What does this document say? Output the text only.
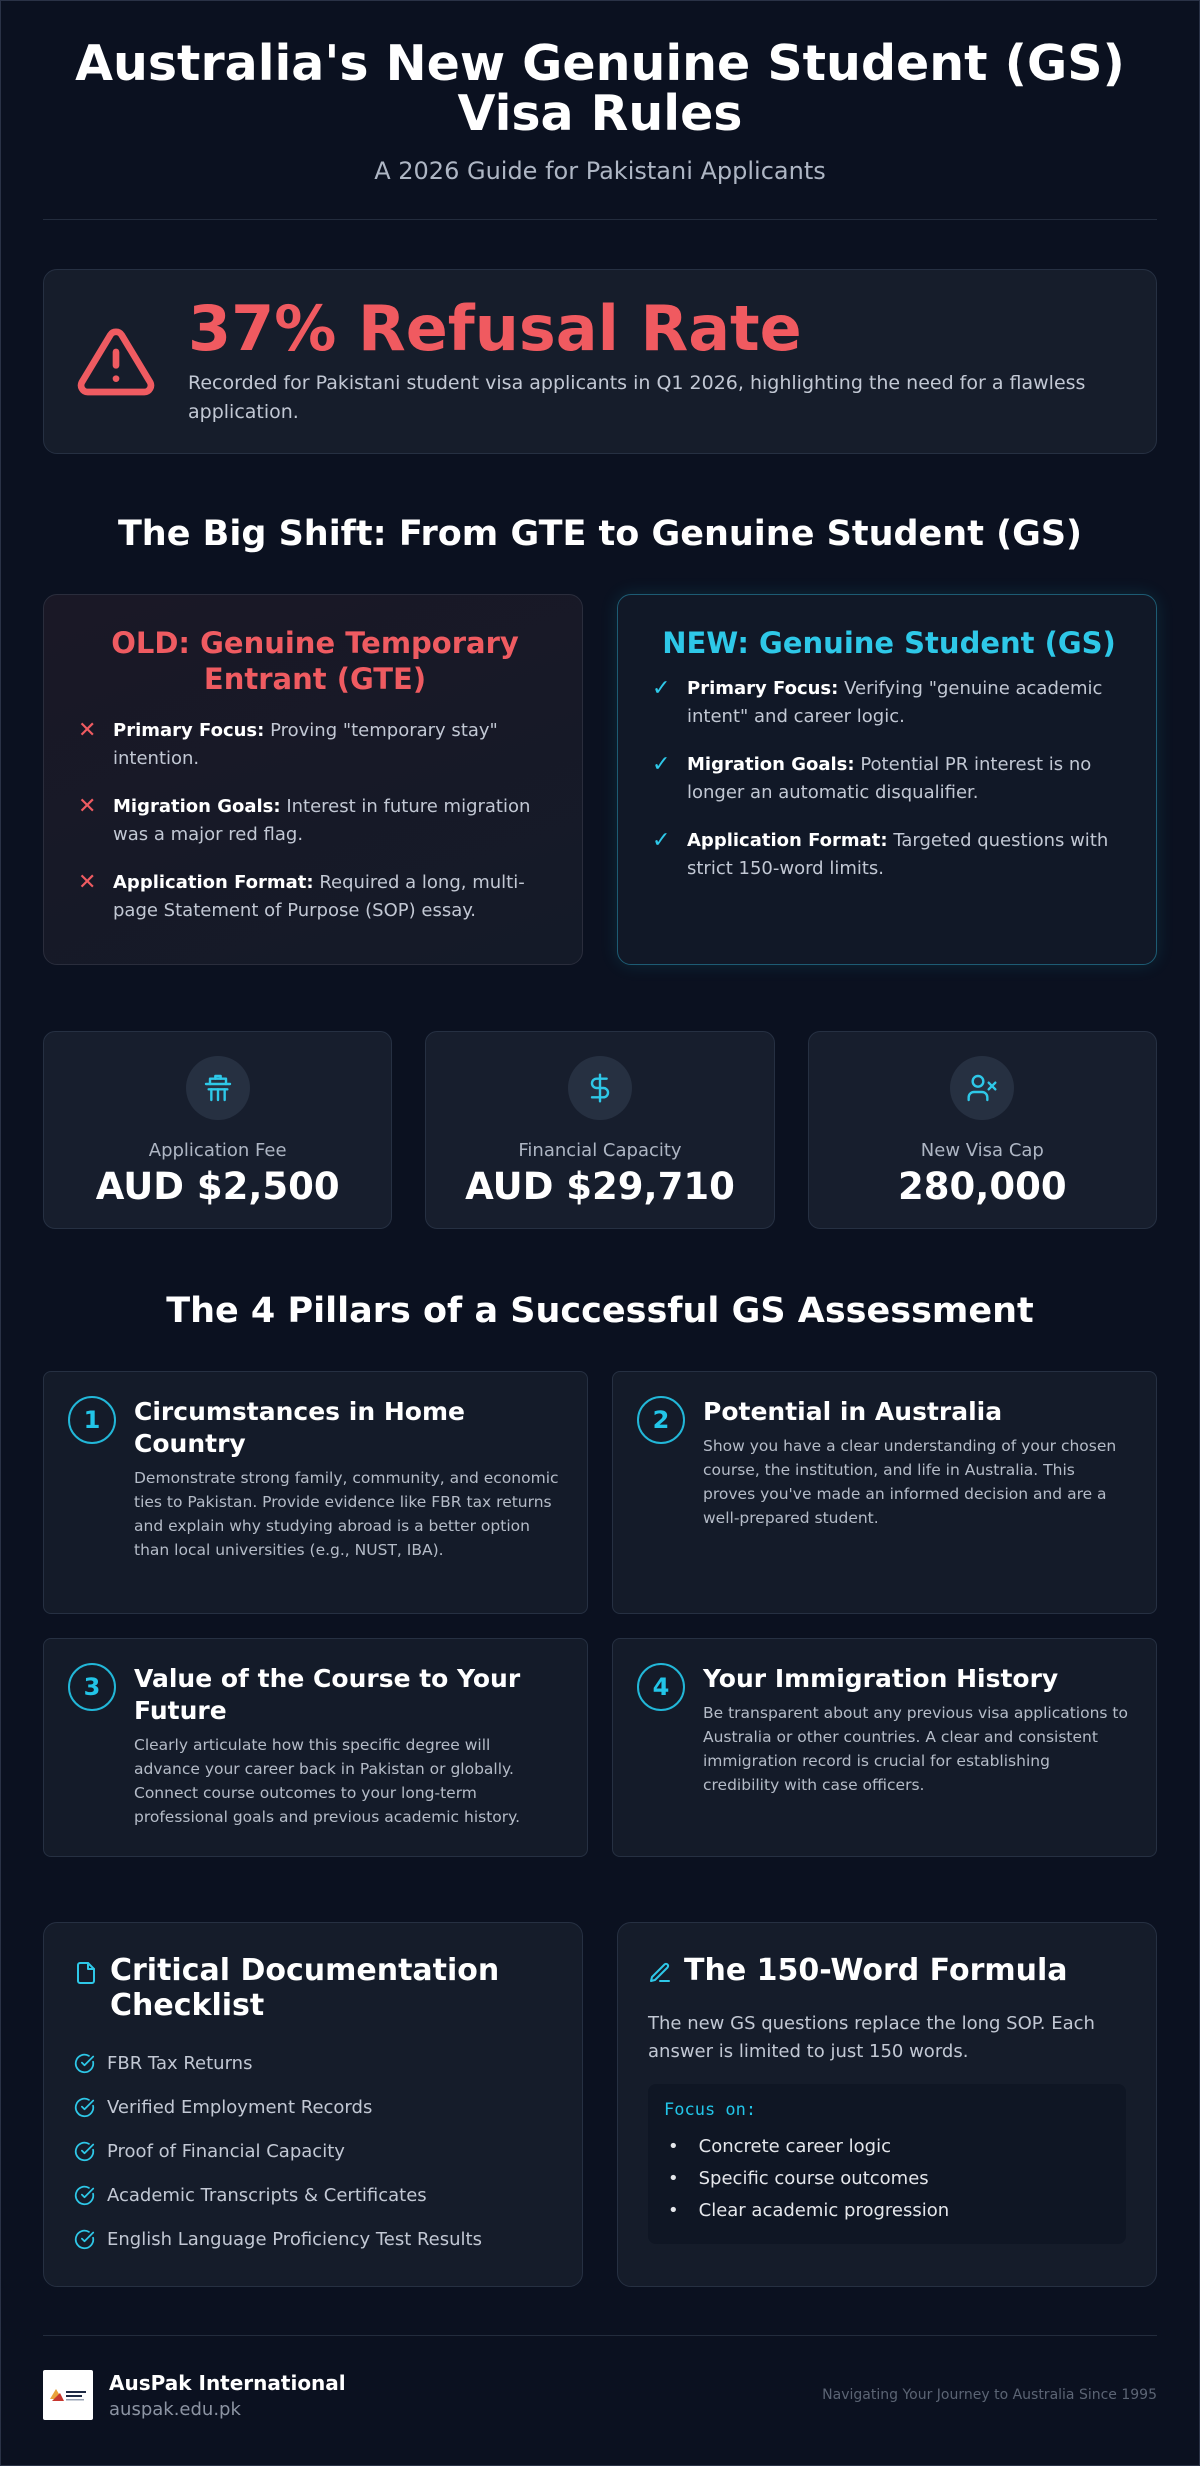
Australia's New Genuine Student (GS) Visa Rules
A 2026 Guide for Pakistani Applicants
37% Refusal Rate
Recorded for Pakistani student visa applicants in Q1 2026, highlighting the need for a flawless application.
The Big Shift: From GTE to Genuine Student (GS)
OLD: Genuine Temporary Entrant (GTE)
✕ Primary Focus: Proving "temporary stay" intention.
✕ Migration Goals: Interest in future migration was a major red flag.
✕ Application Format: Required a long, multi-page Statement of Purpose (SOP) essay.
NEW: Genuine Student (GS)
✓ Primary Focus: Verifying "genuine academic intent" and career logic.
✓ Migration Goals: Potential PR interest is no longer an automatic disqualifier.
✓ Application Format: Targeted questions with strict 150-word limits.
Application Fee
AUD $2,500
Financial Capacity
AUD $29,710
New Visa Cap
280,000
The 4 Pillars of a Successful GS Assessment
1	Circumstances in Home Country

Demonstrate strong family, community, and economic ties to Pakistan. Provide evidence like FBR tax returns and explain why studying abroad is a better option than local universities (e.g., NUST, IBA).

2	Potential in Australia

Show you have a clear understanding of your chosen course, the institution, and life in Australia. This proves you've made an informed decision and are a well-prepared student.

3	Value of the Course to Your Future

Clearly articulate how this specific degree will advance your career back in Pakistan or globally. Connect course outcomes to your long-term professional goals and previous academic history.

4	Your Immigration History

Be transparent about any previous visa applications to Australia or other countries. A clear and consistent immigration record is crucial for establishing credibility with case officers.

Critical Documentation Checklist
FBR Tax Returns
Verified Employment Records
Proof of Financial Capacity
Academic Transcripts & Certificates
English Language Proficiency Test Results
The 150-Word Formula

The new GS questions replace the long SOP. Each answer is limited to just 150 words.

Focus on:
• Concrete career logic
• Specific course outcomes
• Clear academic progression
AusPak International
auspak.edu.pk
Navigating Your Journey to Australia Since 1995
